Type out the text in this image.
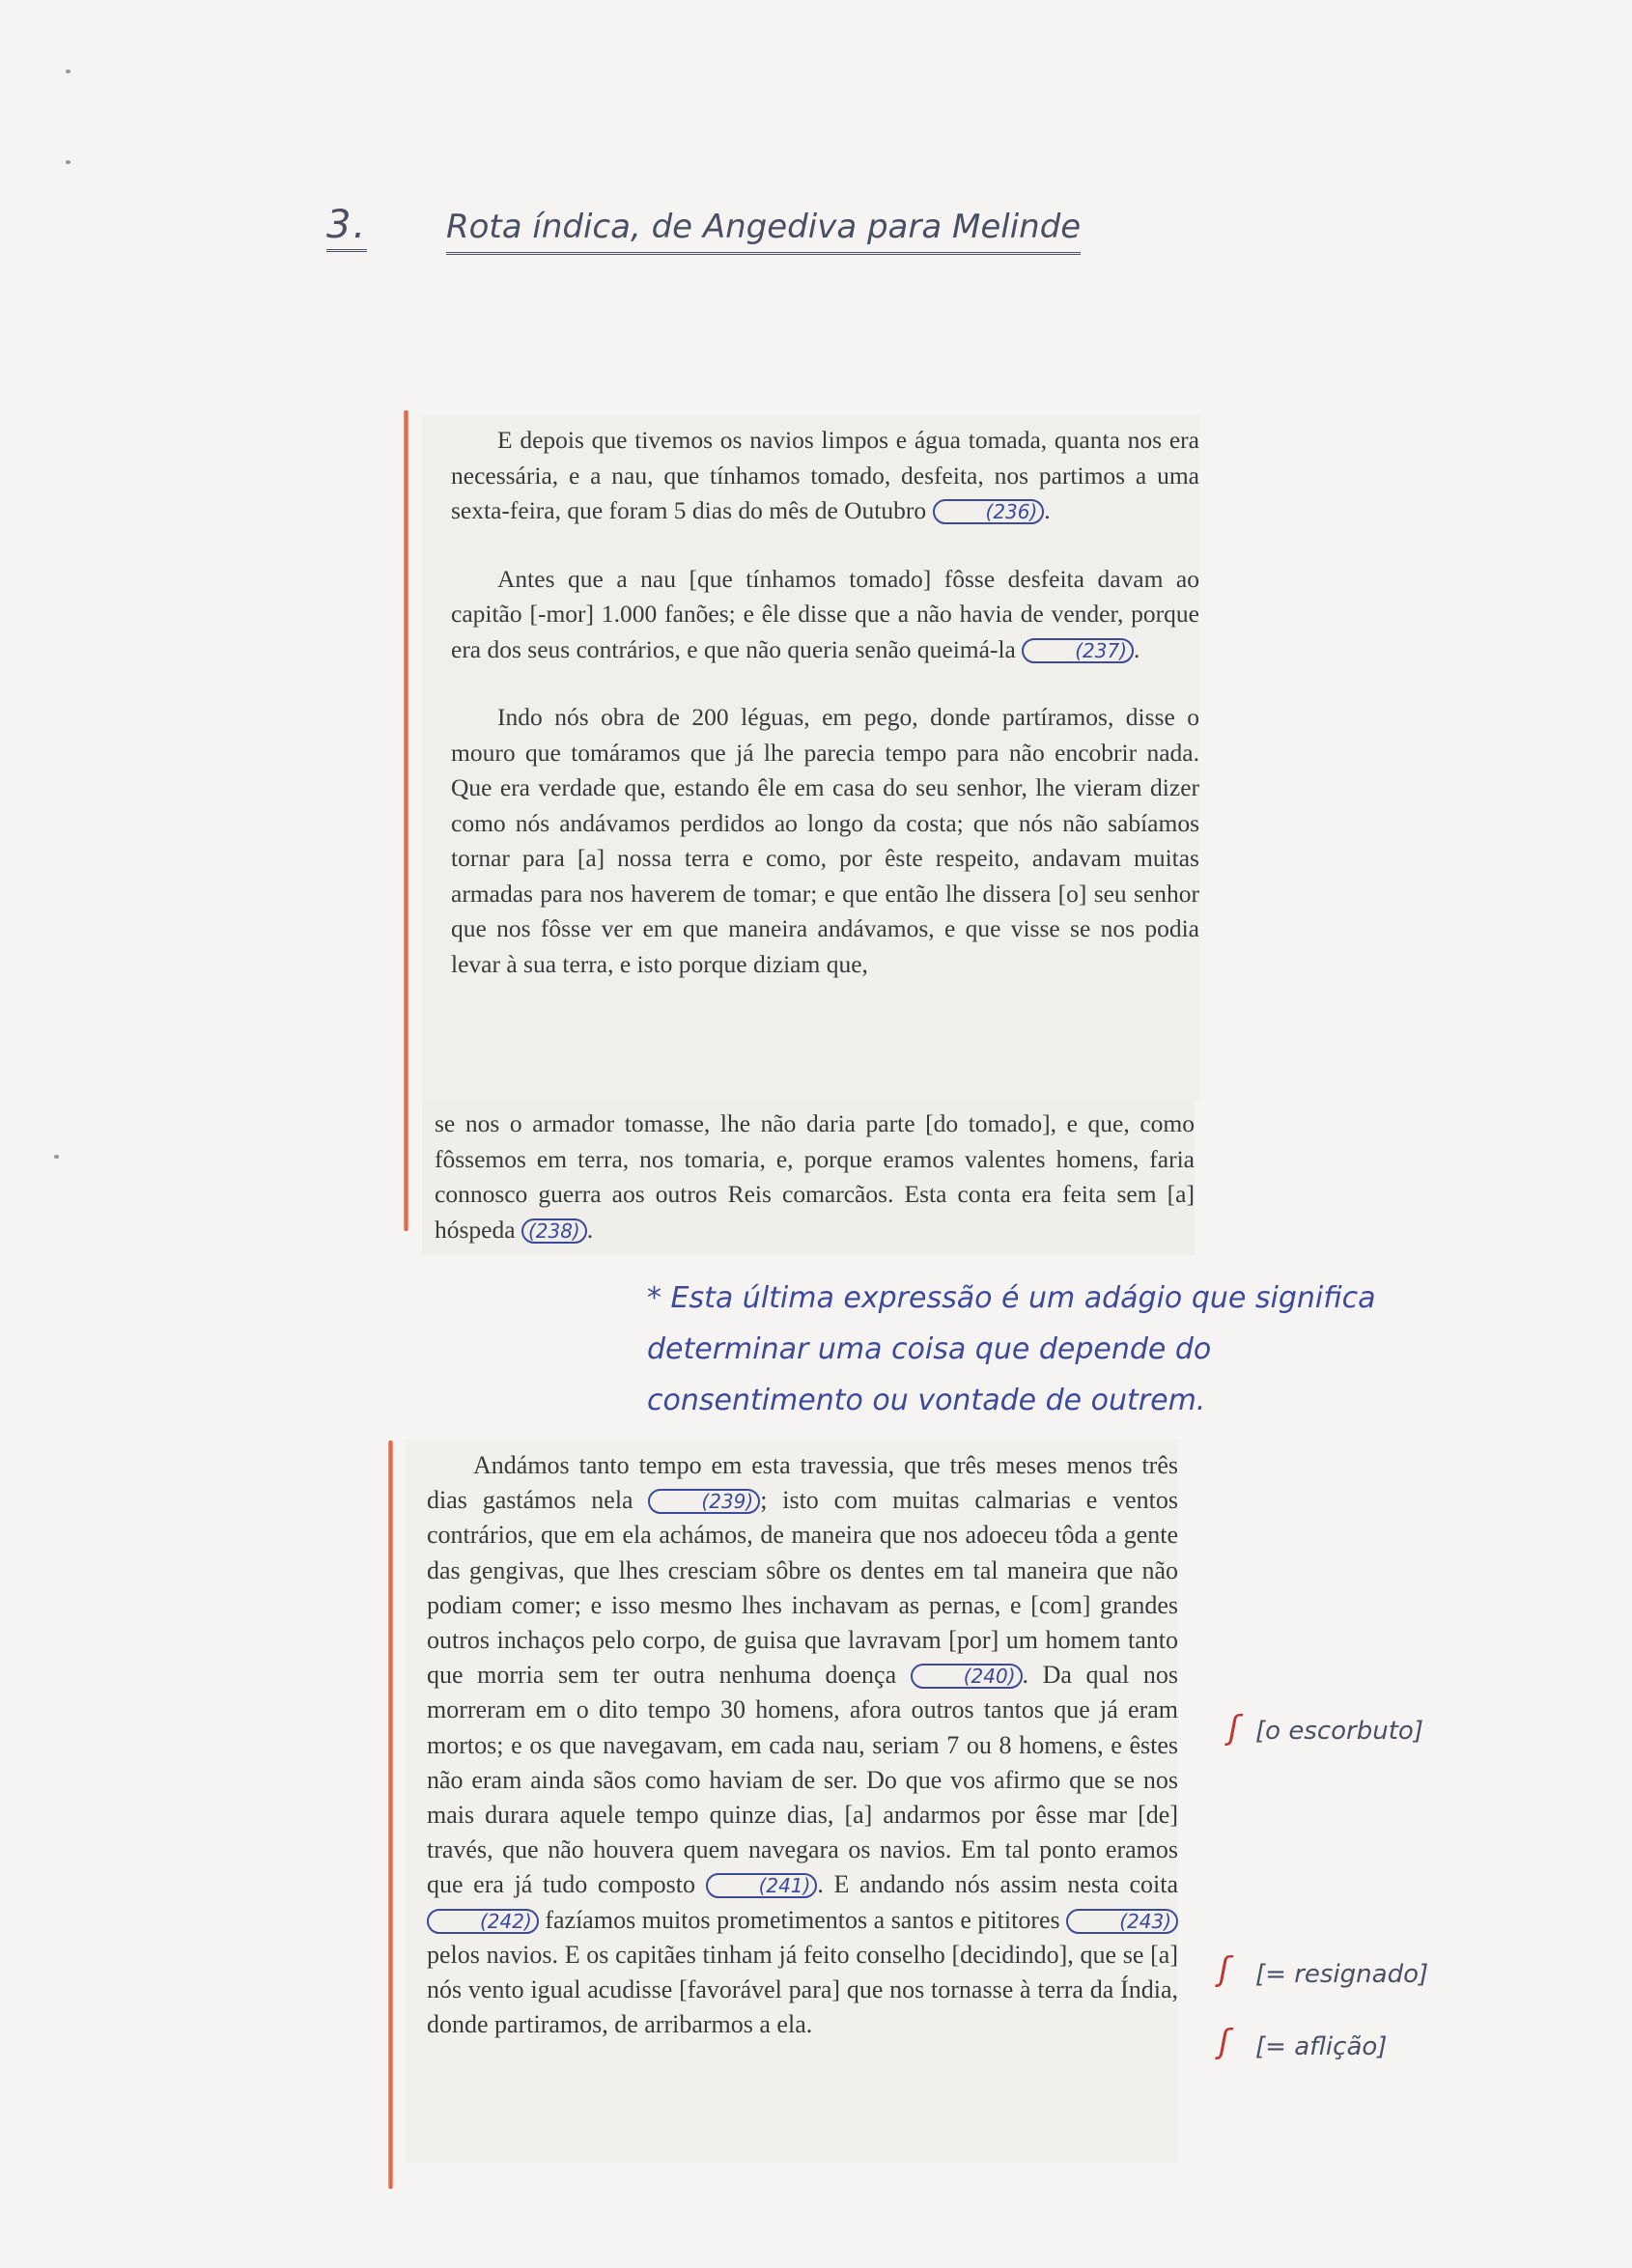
3. Rota índica, de Angediva para Melinde

E depois que tivemos os navios limpos e água tomada, quanta nos era necessária, e a nau, que tínhamos tomado, desfeita, nos partimos a uma sexta-feira, que foram 5 dias do mês de Outubro	(236) .

Antes que a nau [que tínhamos tomado] fôsse desfeita davam ao capitão [-mor] 1.000 fanões; e êle disse que a não havia de vender, porque era dos seus contrários, e que não queria senão queimá-la	(237) .

Indo nós obra de 200 léguas, em pego, donde partíramos, disse o mouro que tomáramos que já lhe parecia tempo para não encobrir nada. Que era verdade que, estando êle em casa do seu senhor, lhe vieram dizer como nós andávamos perdidos ao longo da costa; que nós não sabíamos tornar para [a] nossa terra e como, por êste respeito, andavam muitas armadas para nos haverem de tomar; e que então lhe dissera [o] seu senhor que nos fôsse ver em que maneira andávamos, e que visse se nos podia levar à sua terra, e isto porque diziam que,

se nos o armador tomasse, lhe não daria parte [do tomado], e que, como fôssemos em terra, nos tomaria, e, porque eramos valentes homens, faria connosco guerra aos outros Reis comarcãos. Esta conta era feita sem [a] hóspeda (238) .

* Esta última expressão é um adágio que significa determinar uma coisa que depende do consentimento ou vontade de outrem.

Andámos tanto tempo em esta travessia, que três meses menos três dias gastámos nela	(239) ; isto com muitas calmarias e ventos contrários, que em ela achámos, de maneira que nos adoeceu tôda a gente das gengivas, que lhes cresciam sôbre os dentes em tal maneira que não podiam comer; e isso mesmo lhes inchavam as pernas, e [com] grandes outros inchaços pelo corpo, de guisa que lavravam [por] um homem tanto que morria sem ter outra nenhuma doença	(240) . Da qual nos morreram em o dito tempo 30 homens, afora outros tantos que já eram mortos; e os que navegavam, em cada nau, seriam 7 ou 8 homens, e êstes não eram ainda sãos como haviam de ser. Do que vos afirmo que se nos mais durara aquele tempo quinze dias, [a] andarmos por êsse mar [de] través, que não houvera quem navegara os navios. Em tal ponto eramos que era já tudo composto	(241) . E andando nós assim nesta coita (242) fazíamos muitos prometimentos a santos e pititores	(243) pelos navios. E os capitães tinham já feito conselho [decidindo], que se [a] nós vento igual acudisse [favorável para] que nos tornasse à terra da Índia, donde partiramos, de arribarmos a ela.

ʃ
ʃ
ʃ
[o escorbuto]
[= resignado]
[= aflição]
